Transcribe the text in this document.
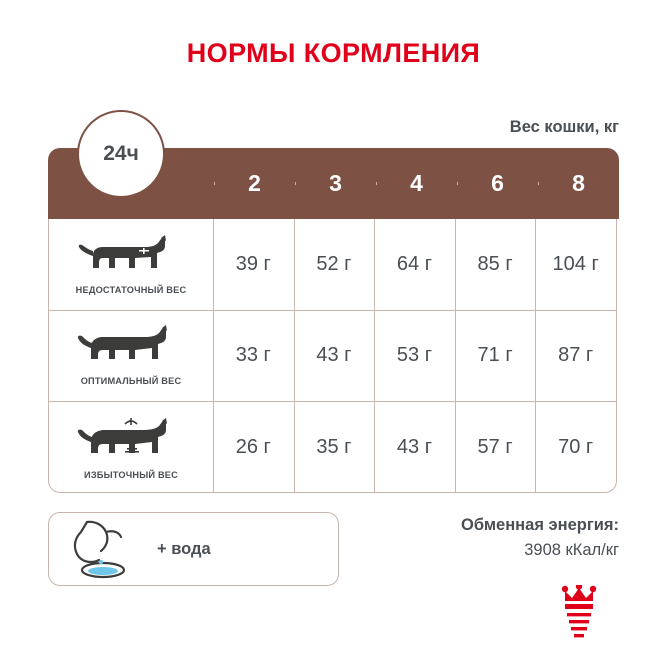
НОРМЫ КОРМЛЕНИЯ
Вес кошки, кг
2	3	4	6	8
НЕДОСТАТОЧНЫЙ ВЕС
39 г	52 г	64 г	85 г	104 г
ОПТИМАЛЬНЫЙ ВЕС
33 г	43 г	53 г	71 г	87 г
ИЗБЫТОЧНЫЙ ВЕС
26 г	35 г	43 г	57 г	70 г
24ч
+ вода
Обменная энергия:
3908 кКал/кг
